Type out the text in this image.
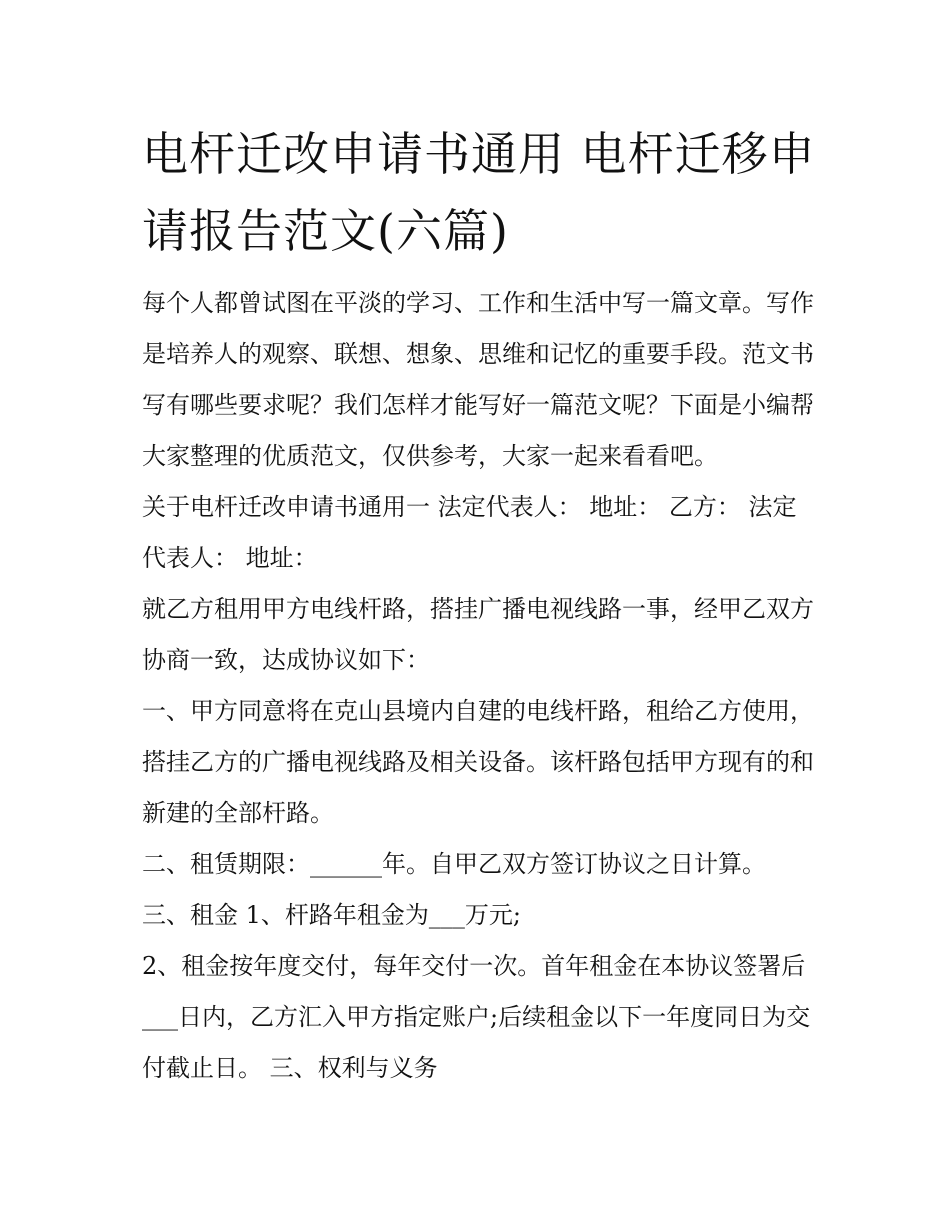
电杆迁改申请书通用 电杆迁移申请报告范文(六篇)

每个人都曾试图在平淡的学习、工作和生活中写一篇文章。写作是培养人的观察、联想、想象、思维和记忆的重要手段。范文书写有哪些要求呢？我们怎样才能写好一篇范文呢？下面是小编帮大家整理的优质范文，仅供参考，大家一起来看看吧。

关于电杆迁改申请书通用一 法定代表人： 地址： 乙方： 法定代表人： 地址：

就乙方租用甲方电线杆路，搭挂广播电视线路一事，经甲乙双方协商一致，达成协议如下：

一、甲方同意将在克山县境内自建的电线杆路，租给乙方使用，搭挂乙方的广播电视线路及相关设备。该杆路包括甲方现有的和新建的全部杆路。

二、租赁期限：______年。自甲乙双方签订协议之日计算。

三、租金 1、杆路年租金为___万元;

2、租金按年度交付，每年交付一次。首年租金在本协议签署后___日内，乙方汇入甲方指定账户;后续租金以下一年度同日为交付截止日。 三、权利与义务
